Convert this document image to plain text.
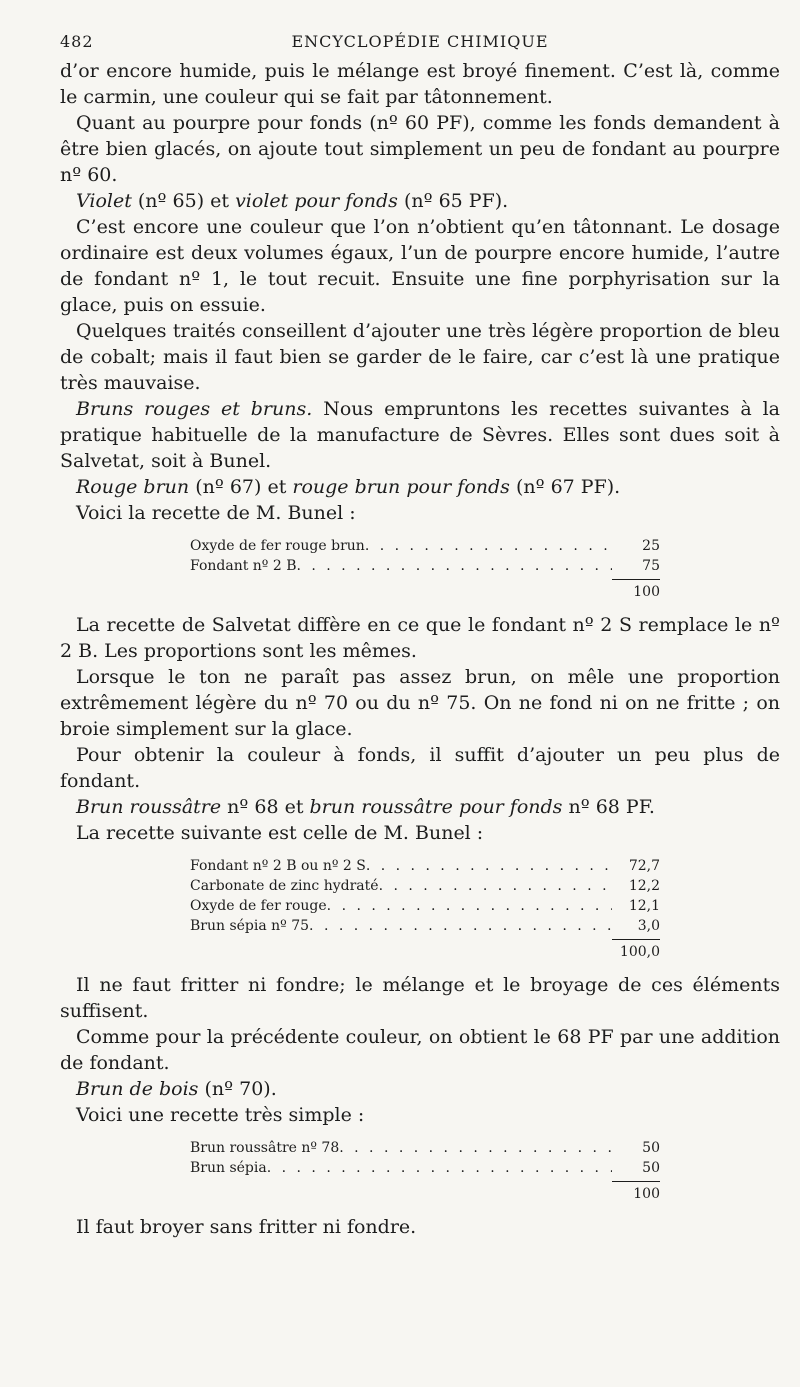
482	ENCYCLOPÉDIE CHIMIQUE

d’or encore humide, puis le mélange est broyé finement. C’est là, comme le carmin, une couleur qui se fait par tâtonnement.

Quant au pourpre pour fonds (nº 60 PF), comme les fonds demandent à être bien glacés, on ajoute tout simplement un peu de fondant au pourpre nº 60.

Violet (nº 65) et violet pour fonds (nº 65 PF).

C’est encore une couleur que l’on n’obtient qu’en tâtonnant. Le dosage ordinaire est deux volumes égaux, l’un de pourpre encore humide, l’autre de fondant nº 1, le tout recuit. Ensuite une fine porphyrisation sur la glace, puis on essuie.

Quelques traités conseillent d’ajouter une très légère proportion de bleu de cobalt; mais il faut bien se garder de le faire, car c’est là une pratique très mauvaise.

Bruns rouges et bruns. Nous empruntons les recettes suivantes à la pratique habituelle de la manufacture de Sèvres. Elles sont dues soit à Salvetat, soit à Bunel.

Rouge brun (nº 67) et rouge brun pour fonds (nº 67 PF).

Voici la recette de M. Bunel :

Oxyde de fer rouge brun . . .	25
Fondant nº 2 B . . .	75
100

La recette de Salvetat diffère en ce que le fondant nº 2 S remplace le nº 2 B. Les proportions sont les mêmes.

Lorsque le ton ne paraît pas assez brun, on mêle une proportion extrêmement légère du nº 70 ou du nº 75. On ne fond ni on ne fritte ; on broie simplement sur la glace.

Pour obtenir la couleur à fonds, il suffit d’ajouter un peu plus de fondant.

Brun roussâtre nº 68 et brun roussâtre pour fonds nº 68 PF.

La recette suivante est celle de M. Bunel :

Fondant nº 2 B ou nº 2 S . . .	72,7
Carbonate de zinc hydraté . . .	12,2
Oxyde de fer rouge . . .	12,1
Brun sépia nº 75 . . .	3,0
100,0

Il ne faut fritter ni fondre; le mélange et le broyage de ces éléments suffisent.

Comme pour la précédente couleur, on obtient le 68 PF par une addition de fondant.

Brun de bois (nº 70).

Voici une recette très simple :

Brun roussâtre nº 78 . . .	50
Brun sépia . . .	50
100

Il faut broyer sans fritter ni fondre.
